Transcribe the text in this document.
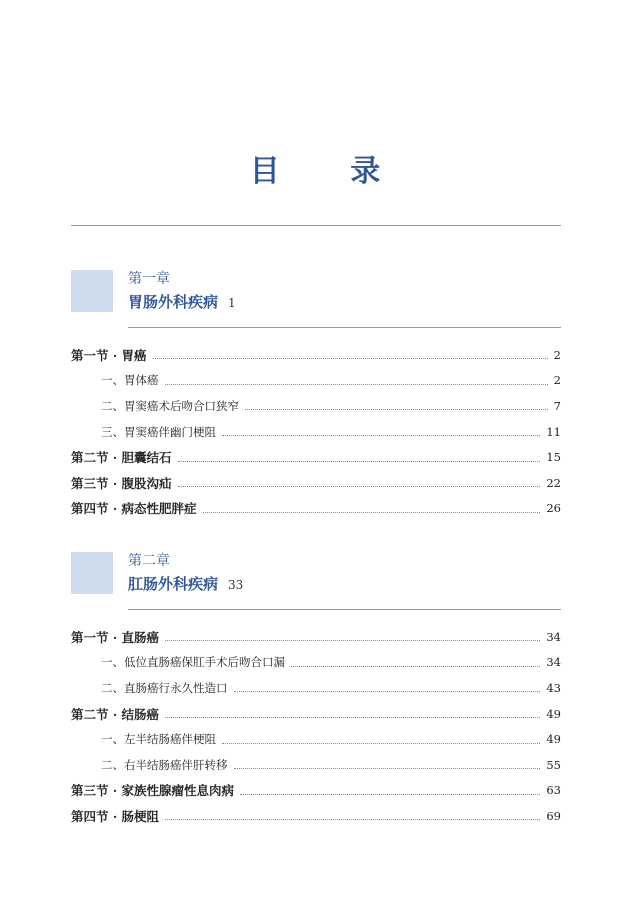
目 录
第一章
胃肠外科疾病 1
第一节 · 胃癌	2
一、胃体癌	2
二、胃窦癌术后吻合口狭窄	7
三、胃窦癌伴幽门梗阻	11
第二节 · 胆囊结石	15
第三节 · 腹股沟疝	22
第四节 · 病态性肥胖症	26
第二章
肛肠外科疾病 33
第一节 · 直肠癌	34
一、低位直肠癌保肛手术后吻合口漏	34
二、直肠癌行永久性造口	43
第二节 · 结肠癌	49
一、左半结肠癌伴梗阻	49
二、右半结肠癌伴肝转移	55
第三节 · 家族性腺瘤性息肉病	63
第四节 · 肠梗阻	69
